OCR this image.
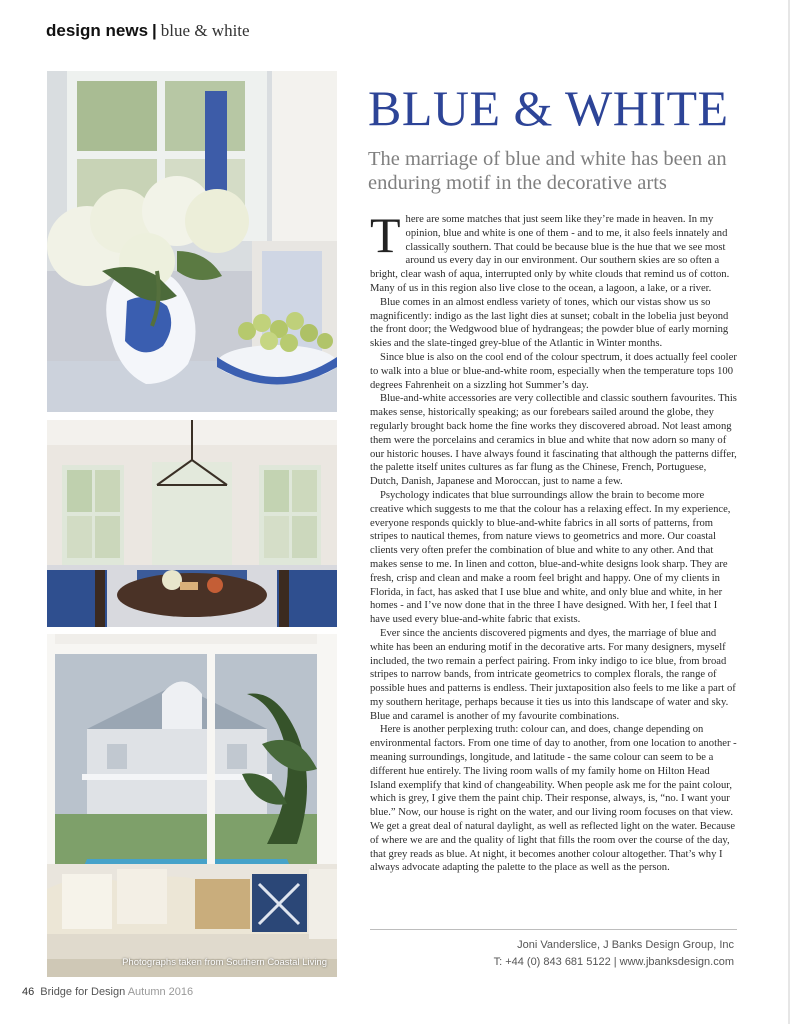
design news | blue & white
Photographs taken from Southern Coastal Living
BLUE & WHITE
The marriage of blue and white has been an enduring motif in the decorative arts

There are some matches that just seem like they’re made in heaven. In my opinion, blue and white is one of them - and to me, it also feels innately and classically southern. That could be because blue is the hue that we see most around us every day in our environment. Our southern skies are so often a bright, clear wash of aqua, interrupted only by white clouds that remind us of cotton. Many of us in this region also live close to the ocean, a lagoon, a lake, or a river.

Blue comes in an almost endless variety of tones, which our vistas show us so magnificently: indigo as the last light dies at sunset; cobalt in the lobelia just beyond the front door; the Wedgwood blue of hydrangeas; the powder blue of early morning skies and the slate-tinged grey-blue of the Atlantic in Winter months.

Since blue is also on the cool end of the colour spectrum, it does actually feel cooler to walk into a blue or blue-and-white room, especially when the temperature tops 100 degrees Fahrenheit on a sizzling hot Summer’s day.

Blue-and-white accessories are very collectible and classic southern favourites. This makes sense, historically speaking; as our forebears sailed around the globe, they regularly brought back home the fine works they discovered abroad. Not least among them were the porcelains and ceramics in blue and white that now adorn so many of our historic houses. I have always found it fascinating that although the patterns differ, the palette itself unites cultures as far flung as the Chinese, French, Portuguese, Dutch, Danish, Japanese and Moroccan, just to name a few.

Psychology indicates that blue surroundings allow the brain to become more creative which suggests to me that the colour has a relaxing effect. In my experience, everyone responds quickly to blue-and-white fabrics in all sorts of patterns, from stripes to nautical themes, from nature views to geometrics and more. Our coastal clients very often prefer the combination of blue and white to any other. And that makes sense to me. In linen and cotton, blue-and-white designs look sharp. They are fresh, crisp and clean and make a room feel bright and happy. One of my clients in Florida, in fact, has asked that I use blue and white, and only blue and white, in her homes - and I’ve now done that in the three I have designed. With her, I feel that I have used every blue-and-white fabric that exists.

Ever since the ancients discovered pigments and dyes, the marriage of blue and white has been an enduring motif in the decorative arts. For many designers, myself included, the two remain a perfect pairing. From inky indigo to ice blue, from broad stripes to narrow bands, from intricate geometrics to complex florals, the range of possible hues and patterns is endless. Their juxtaposition also feels to me like a part of my southern heritage, perhaps because it ties us into this landscape of water and sky. Blue and caramel is another of my favourite combinations.

Here is another perplexing truth: colour can, and does, change depending on environmental factors. From one time of day to another, from one location to another - meaning surroundings, longitude, and latitude - the same colour can seem to be a different hue entirely. The living room walls of my family home on Hilton Head Island exemplify that kind of changeability. When people ask me for the paint colour, which is grey, I give them the paint chip. Their response, always, is, “no. I want your blue.” Now, our house is right on the water, and our living room focuses on that view. We get a great deal of natural daylight, as well as reflected light on the water. Because of where we are and the quality of light that fills the room over the course of the day, that grey reads as blue. At night, it becomes another colour altogether. That’s why I always advocate adapting the palette to the place as well as the person.

Joni Vanderslice, J Banks Design Group, Inc
T: +44 (0) 843 681 5122 | www.jbanksdesign.com
46 Bridge for Design Autumn 2016
